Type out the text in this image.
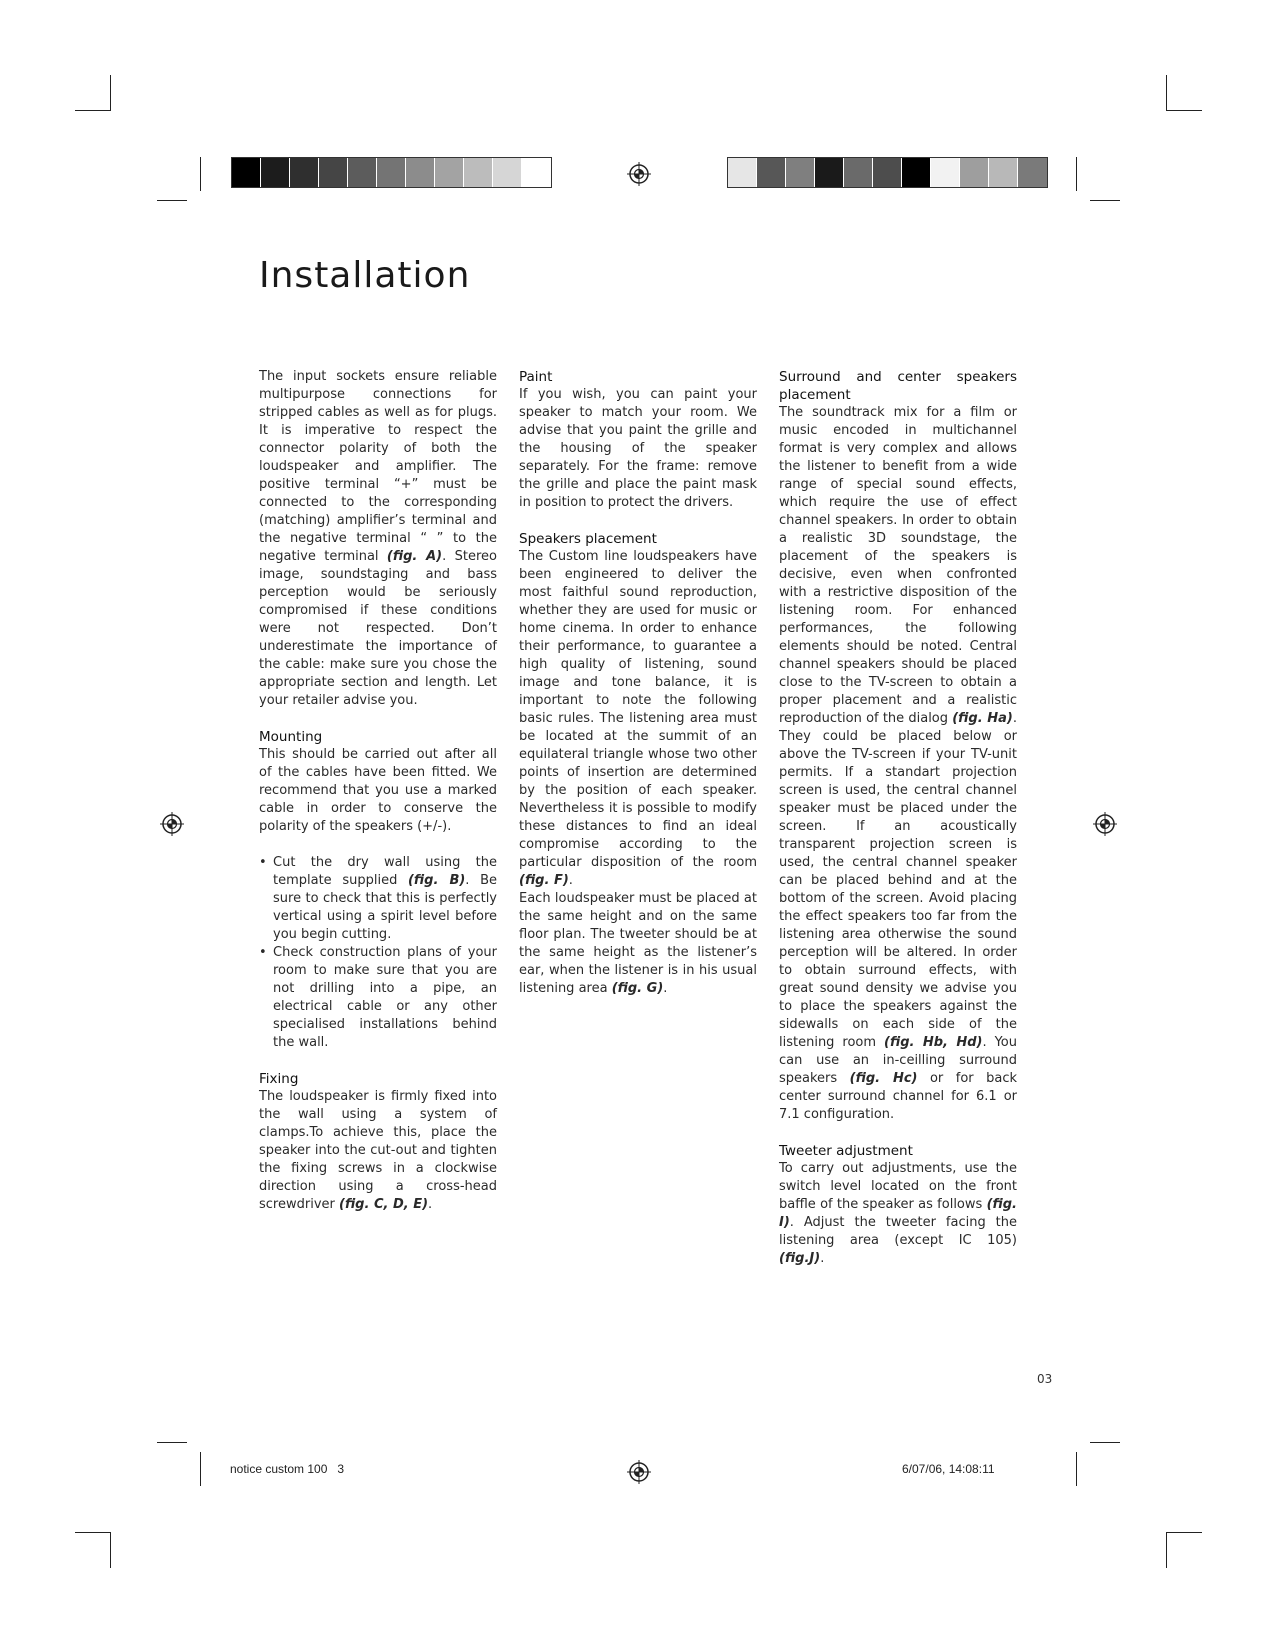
Installation

The input sockets ensure reliable multipurpose connections for stripped cables as well as for plugs. It is imperative to respect the connector polarity of both the loudspeaker and amplifier. The positive terminal “+” must be connected to the corresponding (matching) amplifier’s terminal and the negative terminal “ ” to the negative terminal (fig. A). Stereo image, soundstaging and bass perception would be seriously compromised if these conditions were not respected. Don’t underestimate the importance of the cable: make sure you chose the appropriate section and length. Let your retailer advise you.

Mounting

This should be carried out after all of the cables have been fitted. We recommend that you use a marked cable in order to conserve the polarity of the speakers (+/-).

• Cut the dry wall using the template supplied (fig. B). Be sure to check that this is perfectly vertical using a spirit level before you begin cutting.
• Check construction plans of your room to make sure that you are not drilling into a pipe, an electrical cable or any other specialised installations behind the wall.
Fixing

The loudspeaker is firmly fixed into the wall using a system of clamps.To achieve this, place the speaker into the cut-out and tighten the fixing screws in a clockwise direction using a cross-head screwdriver (fig. C, D, E).

Paint

If you wish, you can paint your speaker to match your room. We advise that you paint the grille and the housing of the speaker separately. For the frame: remove the grille and place the paint mask in position to protect the drivers.

Speakers placement

The Custom line loudspeakers have been engineered to deliver the most faithful sound reproduction, whether they are used for music or home cinema. In order to enhance their performance, to guarantee a high quality of listening, sound image and tone balance, it is important to note the following basic rules. The listening area must be located at the summit of an equilateral triangle whose two other points of insertion are determined by the position of each speaker. Nevertheless it is possible to modify these distances to find an ideal compromise according to the particular disposition of the room (fig. F).

Each loudspeaker must be placed at the same height and on the same floor plan. The tweeter should be at the same height as the listener’s ear, when the listener is in his usual listening area (fig. G).

Surround and center speakers placement

The soundtrack mix for a film or music encoded in multichannel format is very complex and allows the listener to benefit from a wide range of special sound effects, which require the use of effect channel speakers. In order to obtain a realistic 3D soundstage, the placement of the speakers is decisive, even when confronted with a restrictive disposition of the listening room. For enhanced performances, the following elements should be noted. Central channel speakers should be placed close to the TV-screen to obtain a proper placement and a realistic reproduction of the dialog (fig. Ha). They could be placed below or above the TV-screen if your TV-unit permits. If a standart projection screen is used, the central channel speaker must be placed under the screen. If an acoustically transparent projection screen is used, the central channel speaker can be placed behind and at the bottom of the screen. Avoid placing the effect speakers too far from the listening area otherwise the sound perception will be altered. In order to obtain surround effects, with great sound density we advise you to place the speakers against the sidewalls on each side of the listening room (fig. Hb, Hd). You can use an in-ceilling surround speakers (fig. Hc) or for back center surround channel for 6.1 or 7.1 configuration.

Tweeter adjustment

To carry out adjustments, use the switch level located on the front baffle of the speaker as follows (fig. I). Adjust the tweeter facing the listening area (except IC 105) (fig.J).

03
notice custom 100   3	6/07/06, 14:08:11
